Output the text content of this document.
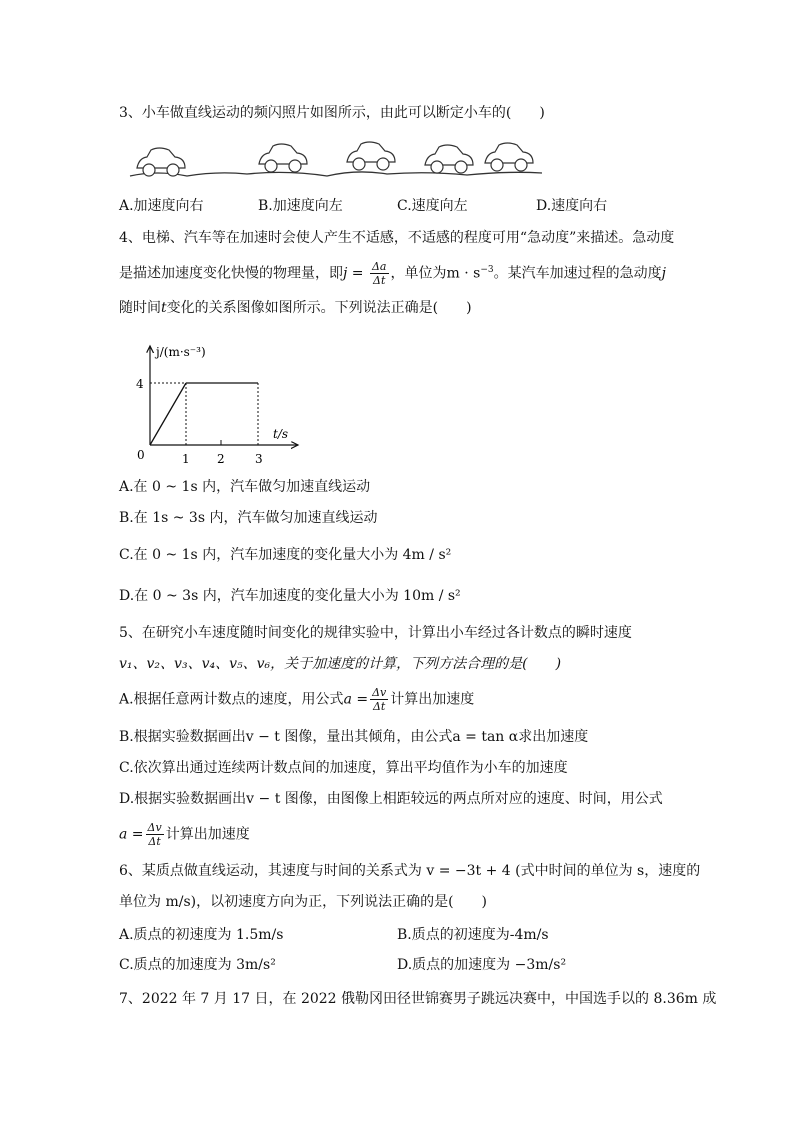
3、小车做直线运动的频闪照片如图所示，由此可以断定小车的(　　)
A.加速度向右	B.加速度向左	C.速度向左	D.速度向右
4、电梯、汽车等在加速时会使人产生不适感，不适感的程度可用“急动度”来描述。急动度
是描述加速度变化快慢的物理量，即$j = \frac{\Delta a}{\Delta t}$ ，单位为$m \cdot s^{-3}$。某汽车加速过程的急动度j
随时间t变化的关系图像如图所示。下列说法正确是(　　)
j/(m·s⁻³)
t/s
0
4
1 2	3
A.在 0 ~ 1s 内，汽车做匀加速直线运动
B.在 1s ~ 3s 内，汽车做匀加速直线运动
C.在 0 ~ 1s 内，汽车加速度的变化量大小为 4m / s²
D.在 0 ~ 3s 内，汽车加速度的变化量大小为 10m / s²
5、在研究小车速度随时间变化的规律实验中，计算出小车经过各计数点的瞬时速度
v₁、v₂、v₃、v₄、v₅、v₆，关于加速度的计算，下列方法合理的是(　　)
A.根据任意两计数点的速度，用公式$a = \frac{\Delta v}{\Delta t}$ 计算出加速度
B.根据实验数据画出v − t 图像，量出其倾角，由公式a = tan α求出加速度
C.依次算出通过连续两计数点间的加速度，算出平均值作为小车的加速度
D.根据实验数据画出v − t 图像，由图像上相距较远的两点所对应的速度、时间，用公式
$a = \frac{\Delta v}{\Delta t}$ 计算出加速度
6、某质点做直线运动，其速度与时间的关系式为 v = −3t + 4 (式中时间的单位为 s，速度的
单位为 m/s)，以初速度方向为正，下列说法正确的是(　　)
A.质点的初速度为 1.5m/s	B.质点的初速度为-4m/s
C.质点的加速度为 3m/s²	D.质点的加速度为 −3m/s²
7、2022 年 7 月 17 日，在 2022 俄勒冈田径世锦赛男子跳远决赛中，中国选手以的 8.36m 成
